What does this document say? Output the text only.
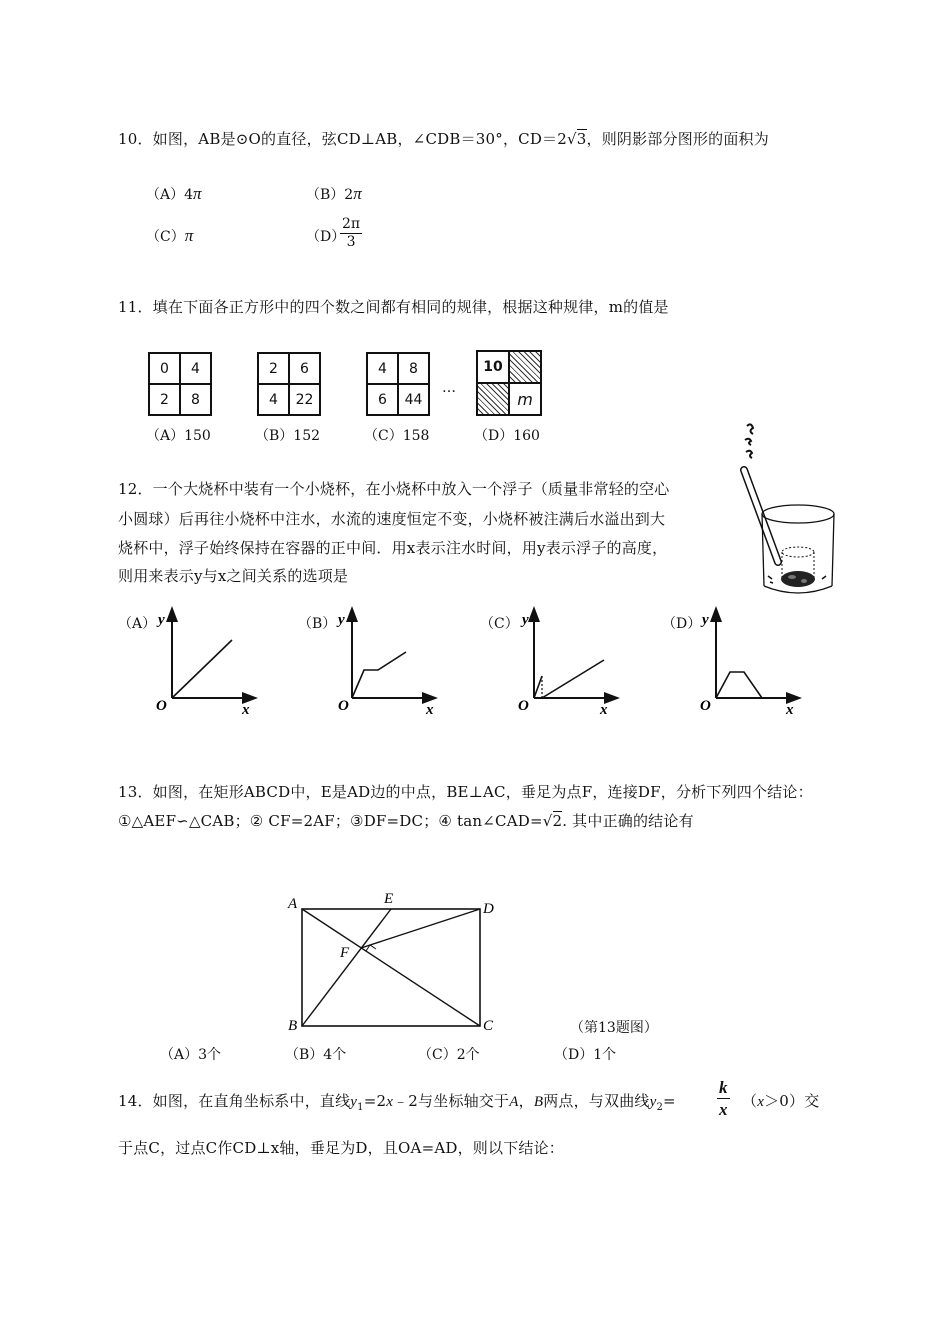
10．如图，AB是⊙O的直径，弦CD⊥AB，∠CDB＝30°，CD＝2√3，则阴影部分图形的面积为
（A）4π	（B）2π
（C）π	（D）
2π
3
11．填在下面各正方形中的四个数之间都有相同的规律，根据这种规律，m的值是
0	4
2	8
2	6
4	22
4	8
6	44
…
10
m
（A）150	（B）152	（C）158	（D）160
12．一个大烧杯中装有一个小烧杯，在小烧杯中放入一个浮子（质量非常轻的空心
小圆球）后再往小烧杯中注水，水流的速度恒定不变，小烧杯被注满后水溢出到大
烧杯中，浮子始终保持在容器的正中间．用x表示注水时间，用y表示浮子的高度，
则用来表示y与x之间关系的选项是
（A） y
O	x
（B） y
O	x
（C） y
O	x
（D） y
O	x
13．如图，在矩形ABCD中，E是AD边的中点，BE⊥AC，垂足为点F，连接DF，分析下列四个结论：
①△AEF∽△CAB；② CF=2AF；③DF=DC；④ tan∠CAD=√2. 其中正确的结论有
A	E
D
F
B	C	（第13题图）
（A）3个	（B）4个	（C）2个	（D）1个
14．如图，在直角坐标系中，直线$y_1=2x﹣2$与坐标轴交于A，B两点，与双曲线$y_2=$
k
x （x＞0）交
于点C，过点C作CD⊥x轴，垂足为D，且OA=AD，则以下结论：
